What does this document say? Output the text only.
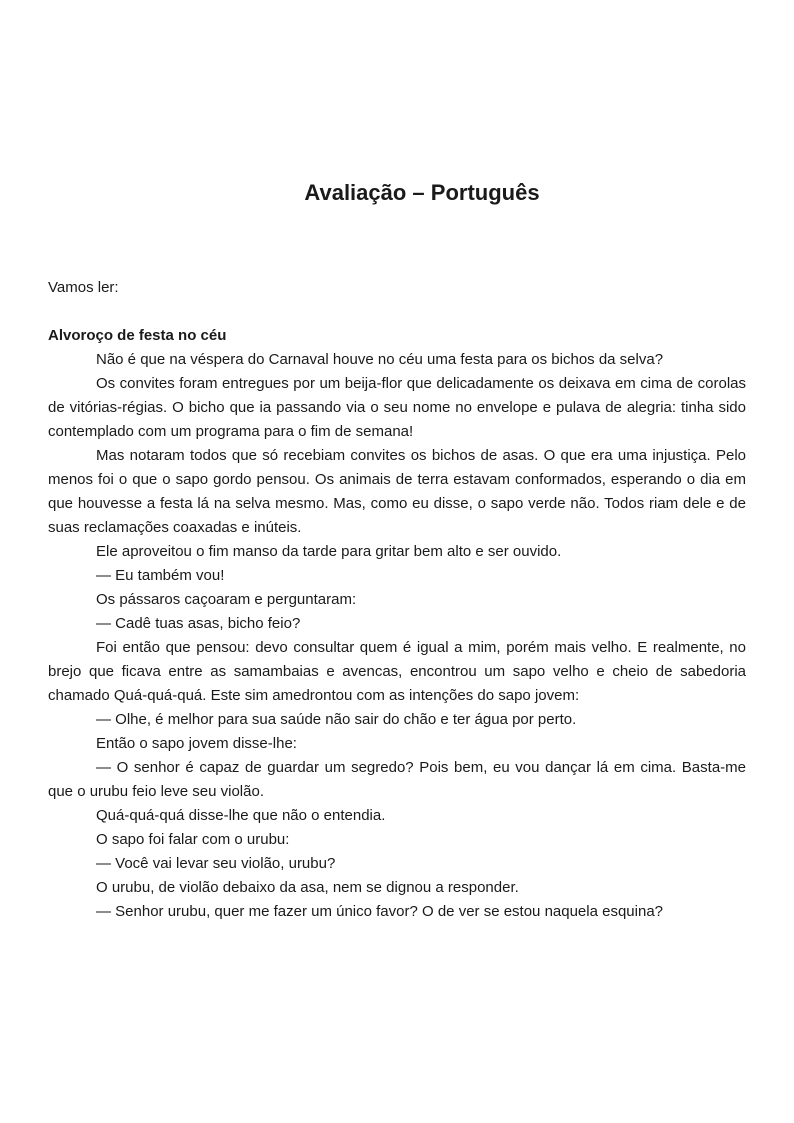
Avaliação – Português

Vamos ler:

Alvoroço de festa no céu

Não é que na véspera do Carnaval houve no céu uma festa para os bichos da selva?

Os convites foram entregues por um beija-flor que delicadamente os deixava em cima de corolas de vitórias-régias. O bicho que ia passando via o seu nome no envelope e pulava de alegria: tinha sido contemplado com um programa para o fim de semana!

Mas notaram todos que só recebiam convites os bichos de asas. O que era uma injustiça. Pelo menos foi o que o sapo gordo pensou. Os animais de terra estavam conformados, esperando o dia em que houvesse a festa lá na selva mesmo. Mas, como eu disse, o sapo verde não. Todos riam dele e de suas reclamações coaxadas e inúteis.

Ele aproveitou o fim manso da tarde para gritar bem alto e ser ouvido.

— Eu também vou!

Os pássaros caçoaram e perguntaram:

— Cadê tuas asas, bicho feio?

Foi então que pensou: devo consultar quem é igual a mim, porém mais velho. E realmente, no brejo que ficava entre as samambaias e avencas, encontrou um sapo velho e cheio de sabedoria chamado Quá-quá-quá. Este sim amedrontou com as intenções do sapo jovem:

— Olhe, é melhor para sua saúde não sair do chão e ter água por perto.

Então o sapo jovem disse-lhe:

— O senhor é capaz de guardar um segredo? Pois bem, eu vou dançar lá em cima. Basta-me que o urubu feio leve seu violão.

Quá-quá-quá disse-lhe que não o entendia.

O sapo foi falar com o urubu:

— Você vai levar seu violão, urubu?

O urubu, de violão debaixo da asa, nem se dignou a responder.

— Senhor urubu, quer me fazer um único favor? O de ver se estou naquela esquina?
